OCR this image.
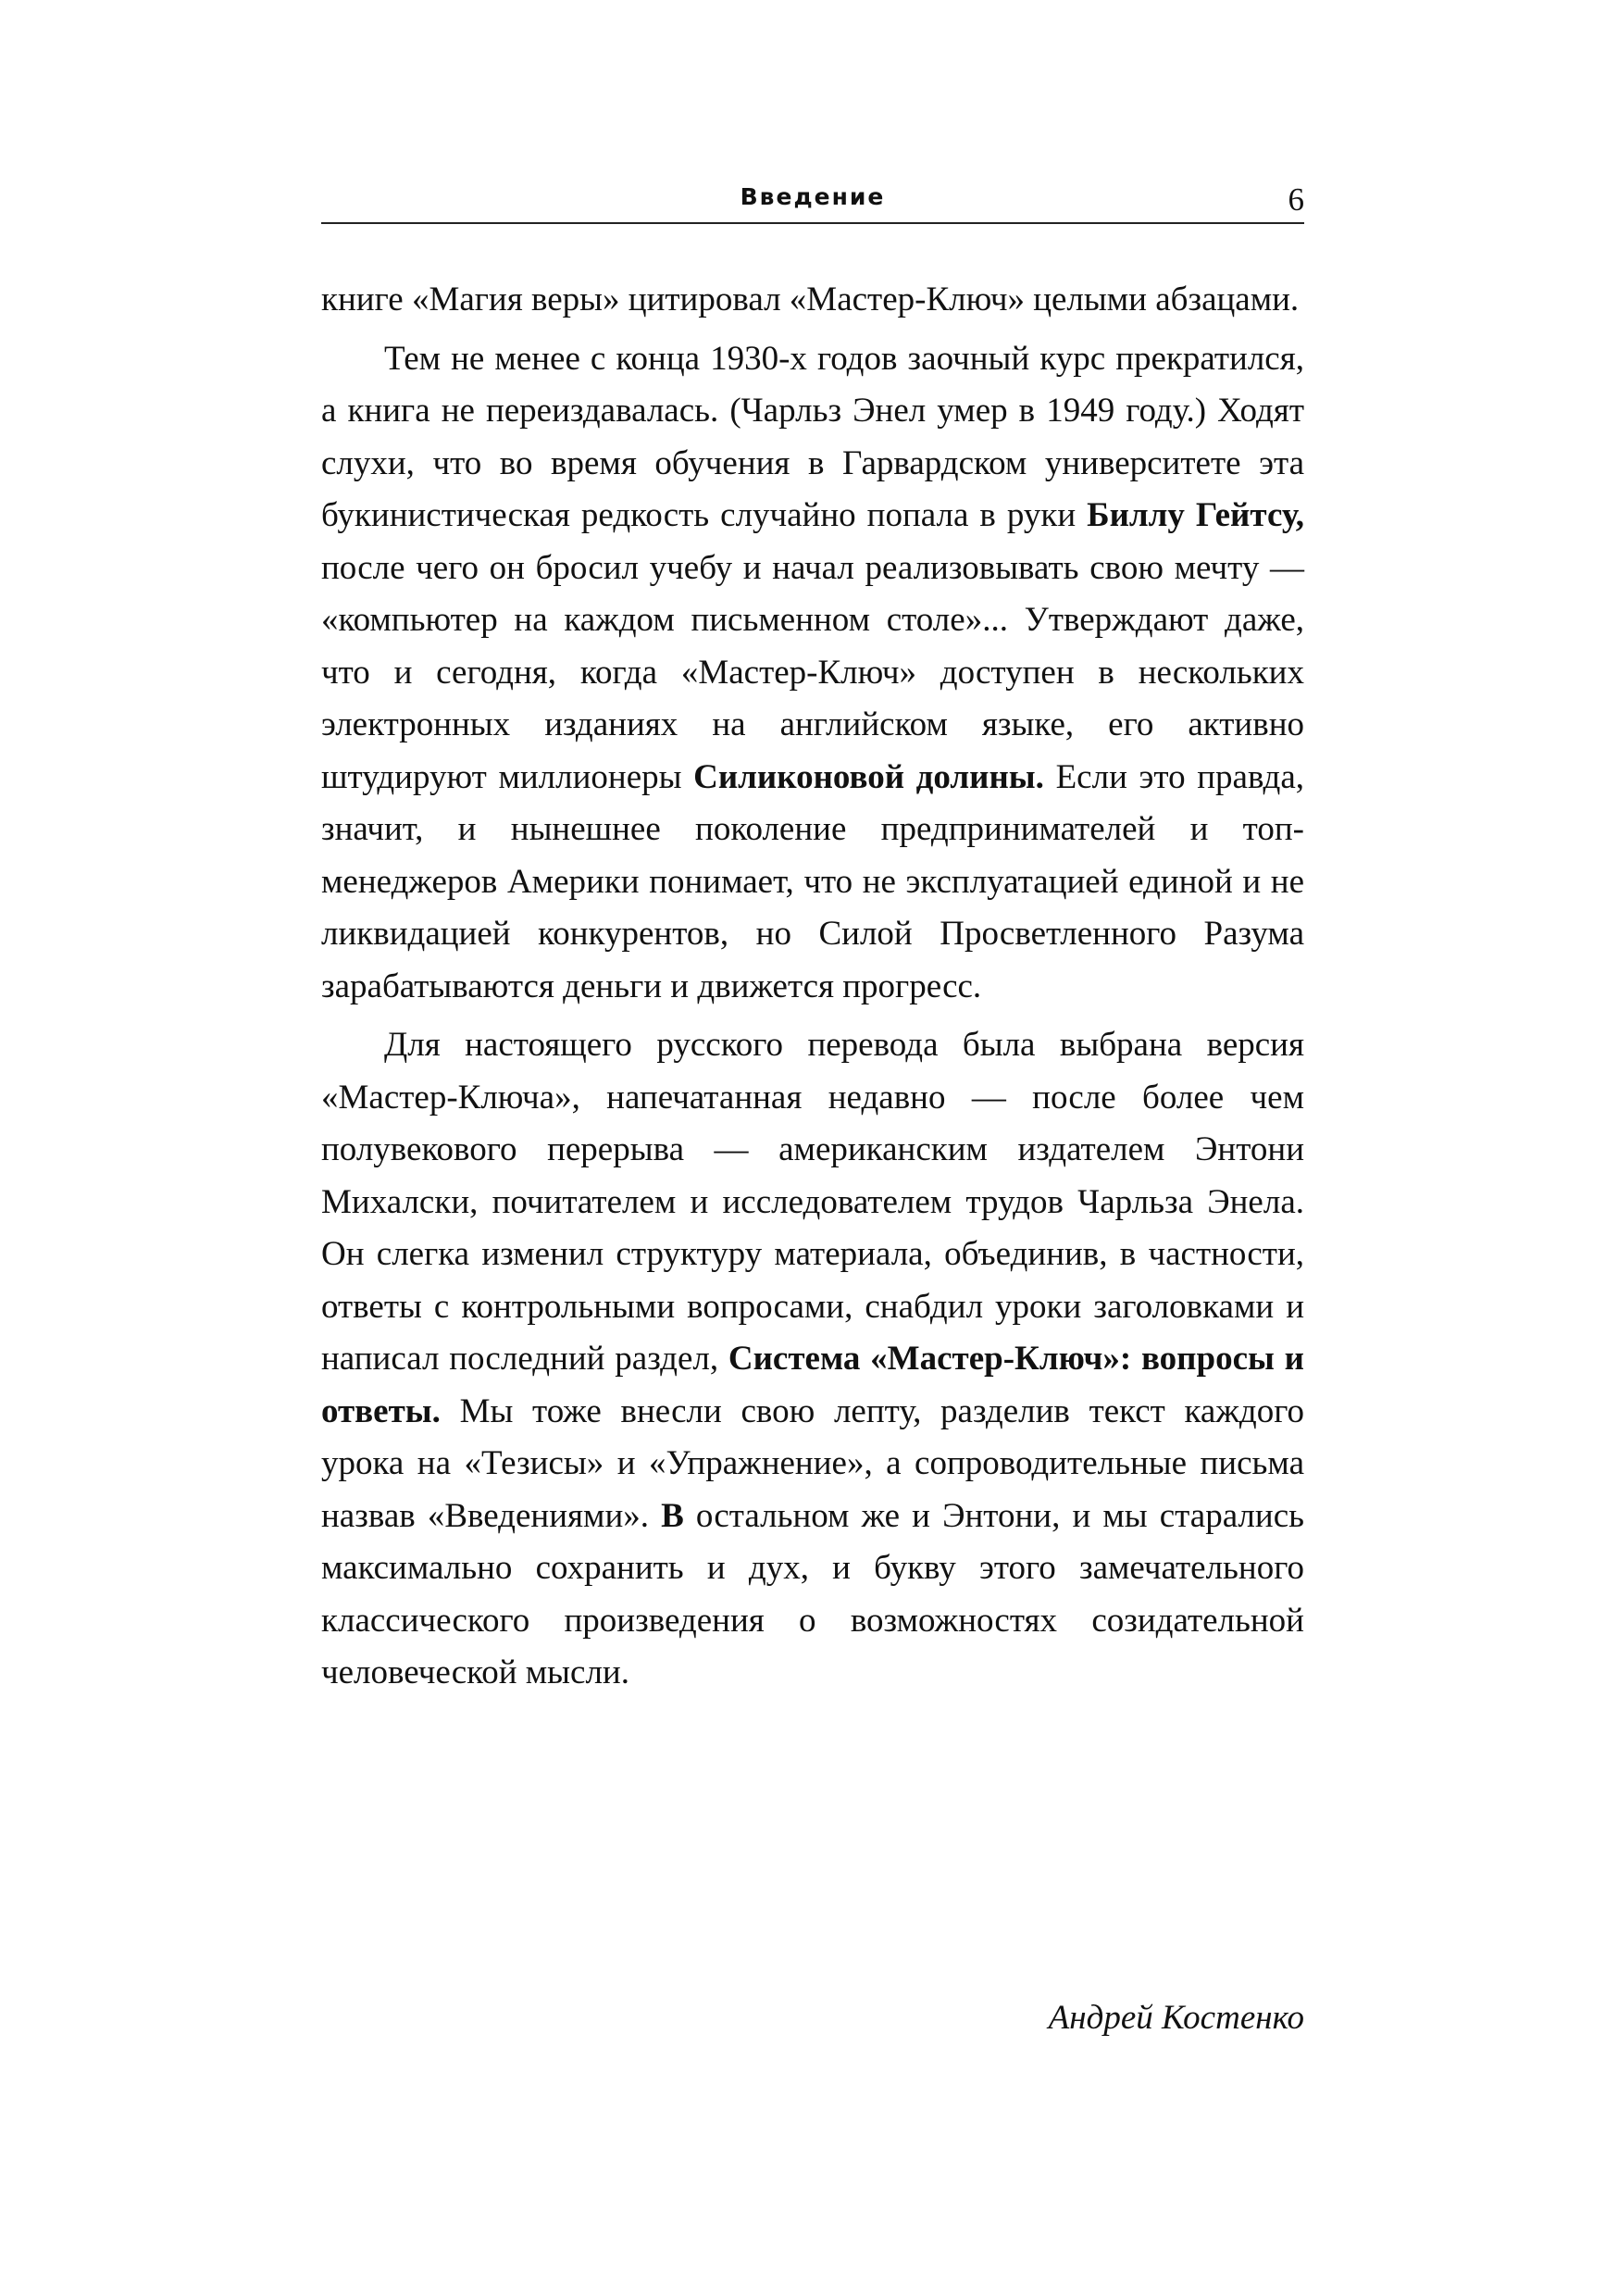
Введение	6

книге «Магия веры» цитировал «Мастер-Ключ» целыми абзацами.

Тем не менее с конца 1930-х годов заочный курс прекратился, а книга не переиздавалась. (Чарльз Энел умер в 1949 году.) Ходят слухи, что во время обучения в Гарвардском университете эта букинистическая редкость случайно попала в руки Биллу Гейтсу, после чего он бросил учебу и начал реализовывать свою мечту — «компьютер на каждом письменном столе»... Утверждают даже, что и сегодня, когда «Мастер-Ключ» доступен в нескольких электронных изданиях на английском языке, его активно штудируют миллионеры Силиконовой долины. Если это правда, значит, и нынешнее поколение предпринимателей и топ-менеджеров Америки понимает, что не эксплуатацией единой и не ликвидацией конкурентов, но Силой Просветленного Разума зарабатываются деньги и движется прогресс.

Для настоящего русского перевода была выбрана версия «Мастер-Ключа», напечатанная недавно — после более чем полувекового перерыва — американским издателем Энтони Михалски, почитателем и исследователем трудов Чарльза Энела. Он слегка изменил структуру материала, объединив, в частности, ответы с контрольными вопросами, снабдил уроки заголовками и написал последний раздел, Система «Мастер-Ключ»: вопросы и ответы. Мы тоже внесли свою лепту, разделив текст каждого урока на «Тезисы» и «Упражнение», а сопроводительные письма назвав «Введениями». В остальном же и Энтони, и мы старались максимально сохранить и дух, и букву этого замечательного классического произведения о возможностях созидательной человеческой мысли.

Андрей Костенко
